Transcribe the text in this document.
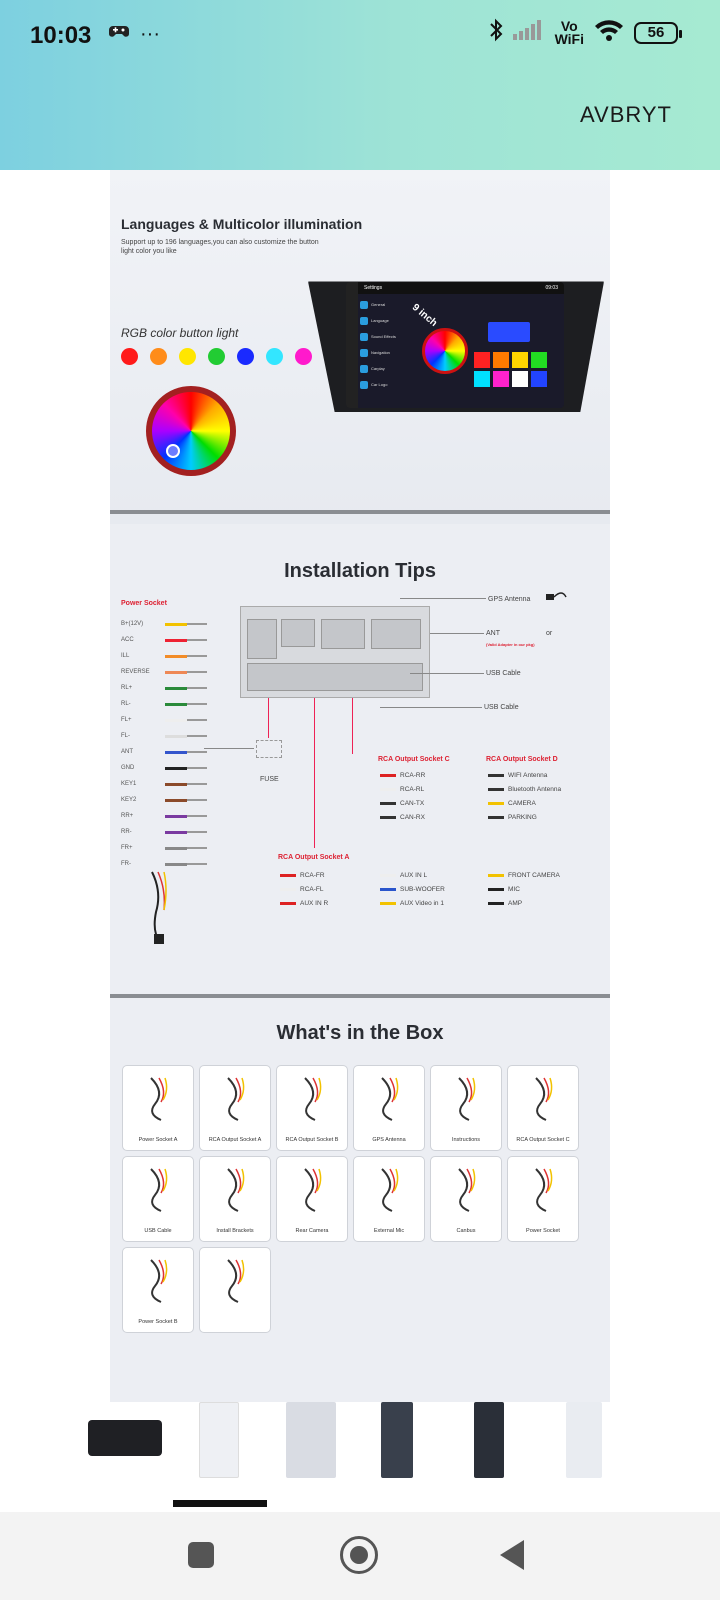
10:03 ···	Vo
WiFi	56
AVBRYT
Languages & Multicolor illumination
Support up to 196 languages,you can also customize the button light color you like
RGB color button light
Settings	09:03
General
Language
Sound Effects
Navigation
Carplay
Car Logo
9 inch
Installation Tips
Power Socket
B+(12V)
ACC
ILL
REVERSE
RL+
RL-
FL+
FL-
ANT
GND
KEY1
KEY2
RR+
RR-
FR+
FR-
GPS Antenna
ANT	or
(Valid Adapter in our pkg)
USB Cable
USB Cable
FUSE
RCA Output Socket C
RCA-RR
RCA-RL
CAN-TX
CAN-RX
RCA Output Socket D
WIFI Antenna
Bluetooth Antenna
CAMERA
PARKING
RCA Output Socket A
RCA-FR
RCA-FL
AUX IN R
AUX IN L
SUB-WOOFER
AUX Video in 1
FRONT CAMERA
MIC
AMP
What's in the Box
Power Socket A	RCA Output Socket A	RCA Output Socket B	GPS Antenna	Instructions	RCA Output Socket C
USB Cable	Install Brackets	Rear Camera	External Mic	Canbus	Power Socket
Power Socket B
